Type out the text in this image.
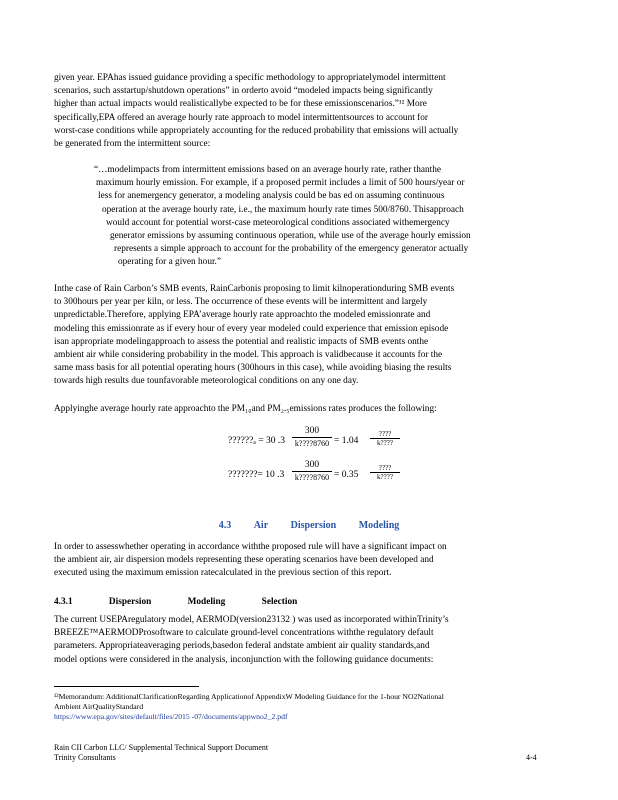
given year. EPAhas issued guidance providing a specific methodology to appropriatelymodel intermittent

scenarios, such asstartup/shutdown operations” in orderto avoid “modeled impacts being significantly

higher than actual impacts would realisticallybe expected to be for these emissionscenarios.”¹² More

specifically,EPA offered an average hourly rate approach to model intermittentsources to account for

worst-case conditions while appropriately accounting for the reduced probability that emissions will actually

be generated from the intermittent source:

“…modelimpacts from intermittent emissions based on an average hourly rate, rather thanthe

maximum hourly emission. For example, if a proposed permit includes a limit of 500 hours/year or

less for anemergency generator, a modeling analysis could be bas ed on assuming continuous

operation at the average hourly rate, i.e., the maximum hourly rate times 500/8760. Thisapproach

would account for potential worst-case meteorological conditions associated withemergency

generator emissions by assuming continuous operation, while use of the average hourly emission

represents a simple approach to account for the probability of the emergency generator actually

operating for a given hour.”

Inthe case of Rain Carbon’s SMB events, RainCarbonis proposing to limit kilnoperationduring SMB events

to 300hours per year per kiln, or less. The occurrence of these events will be intermittent and largely

unpredictable.Therefore, applying EPA’average hourly rate approachto the modeled emissionrate and

modeling this emissionrate as if every hour of every year modeled could experience that emission episode

isan appropriate modelingapproach to assess the potential and realistic impacts of SMB events onthe

ambient air while considering probability in the model. This approach is validbecause it accounts for the

same mass basis for all potential operating hours (300hours in this case), while avoiding biasing the results

towards high results due tounfavorable meteorological conditions on any one day.

Applyinghe average hourly rate approachto the PM₁₀and PM₂.₅emissions rates produces the following:

??????ₐ = 30 .3
300
k????8760 = 1.04
????
k????
???????= 10 .3
300
k????8760 = 0.35
????
k????
4.3 Air Dispersion Modeling

In order to assesswhether operating in accordance withthe proposed rule will have a significant impact on

the ambient air, air dispersion models representing these operating scenarios have been developed and

executed using the maximum emission ratecalculated in the previous section of this report.

4.3.1	Dispersion	Modeling	Selection

The current USEPAregulatory model, AERMOD(version23132 ) was used as incorporated withinTrinity’s

BREEZE™AERMODProsoftware to calculate ground-level concentrations withthe regulatory default

parameters. Appropriateaveraging periods,basedon federal andstate ambient air quality standards,and

model options were considered in the analysis, inconjunction with the following guidance documents:

¹²Memorandum: AdditionalClarificationRegarding Applicationof AppendixW Modeling Guidance for the 1-hour NO2National

Ambient AirQualityStandard

https://www.epa.gov/sites/default/files/2015 -07/documents/appwno2_2.pdf

Rain CII Carbon LLC/ Supplemental Technical Support Document

Trinity Consultants	4-4
